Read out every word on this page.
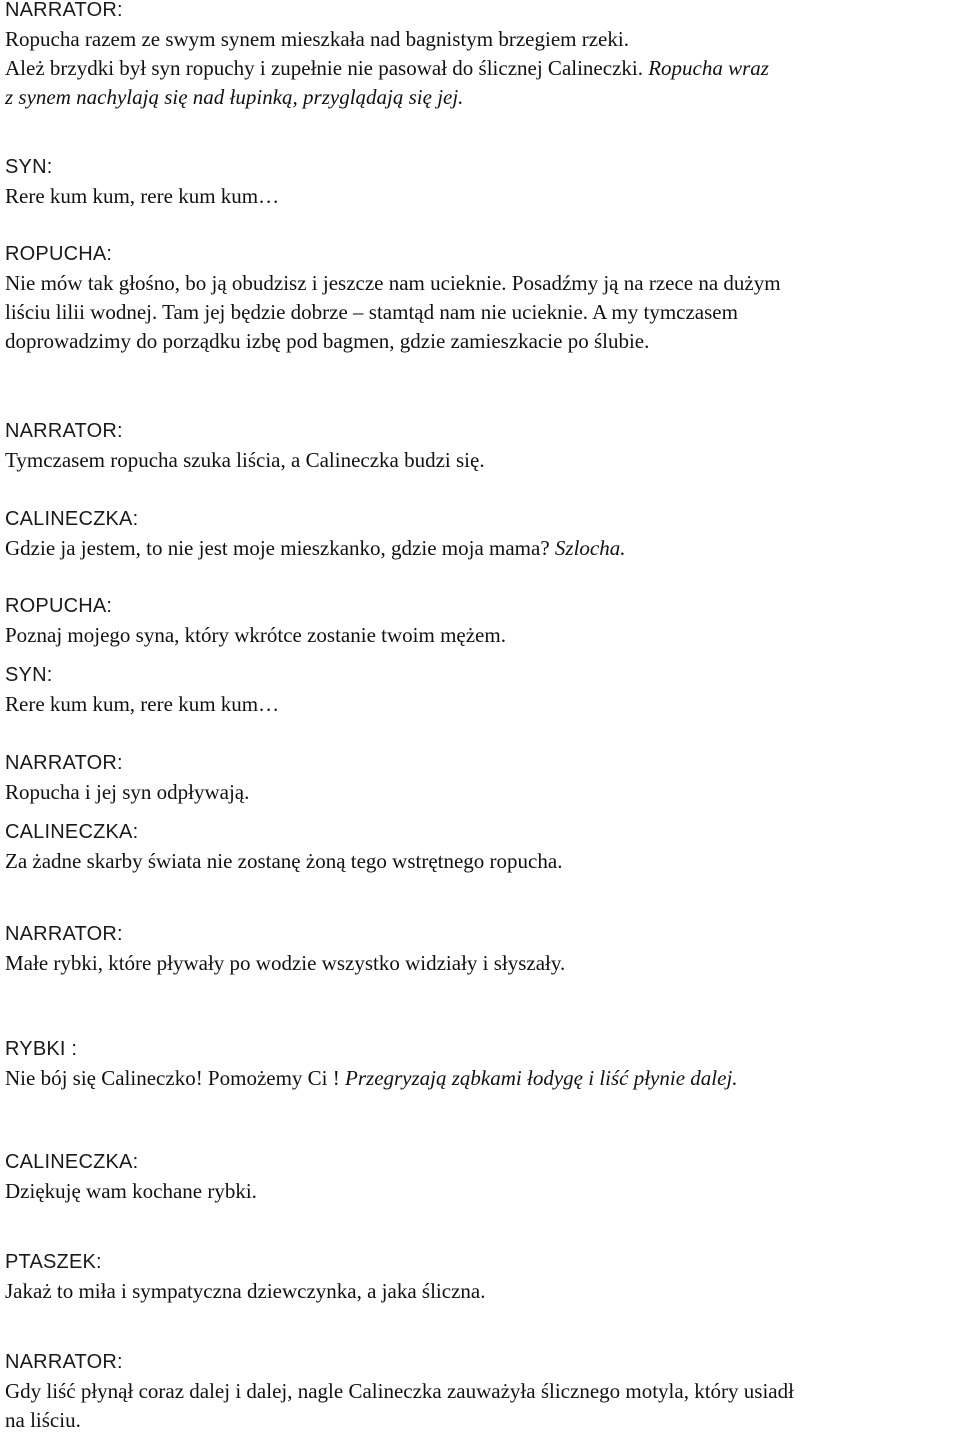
NARRATOR:
Ropucha razem ze swym synem mieszkała nad bagnistym brzegiem rzeki.
Ależ brzydki był syn ropuchy i zupełnie nie pasował do ślicznej Calineczki. Ropucha wraz
z synem nachylają się nad łupinką, przyglądają się jej.
SYN:
Rere kum kum, rere kum kum…
ROPUCHA:
Nie mów tak głośno, bo ją obudzisz i jeszcze nam ucieknie. Posadźmy ją na rzece na dużym
liściu lilii wodnej. Tam jej będzie dobrze – stamtąd nam nie ucieknie. A my tymczasem
doprowadzimy do porządku izbę pod bagmen, gdzie zamieszkacie po ślubie.
NARRATOR:
Tymczasem ropucha szuka liścia, a Calineczka budzi się.
CALINECZKA:
Gdzie ja jestem, to nie jest moje mieszkanko, gdzie moja mama? Szlocha.
ROPUCHA:
Poznaj mojego syna, który wkrótce zostanie twoim mężem.
SYN:
Rere kum kum, rere kum kum…
NARRATOR:
Ropucha i jej syn odpływają.
CALINECZKA:
Za żadne skarby świata nie zostanę żoną tego wstrętnego ropucha.
NARRATOR:
Małe rybki, które pływały po wodzie wszystko widziały i słyszały.
RYBKI :
Nie bój się Calineczko! Pomożemy Ci ! Przegryzają ząbkami łodygę i liść płynie dalej.
CALINECZKA:
Dziękuję wam kochane rybki.
PTASZEK:
Jakaż to miła i sympatyczna dziewczynka, a jaka śliczna.
NARRATOR:
Gdy liść płynął coraz dalej i dalej, nagle Calineczka zauważyła ślicznego motyla, który usiadł
na liściu.
